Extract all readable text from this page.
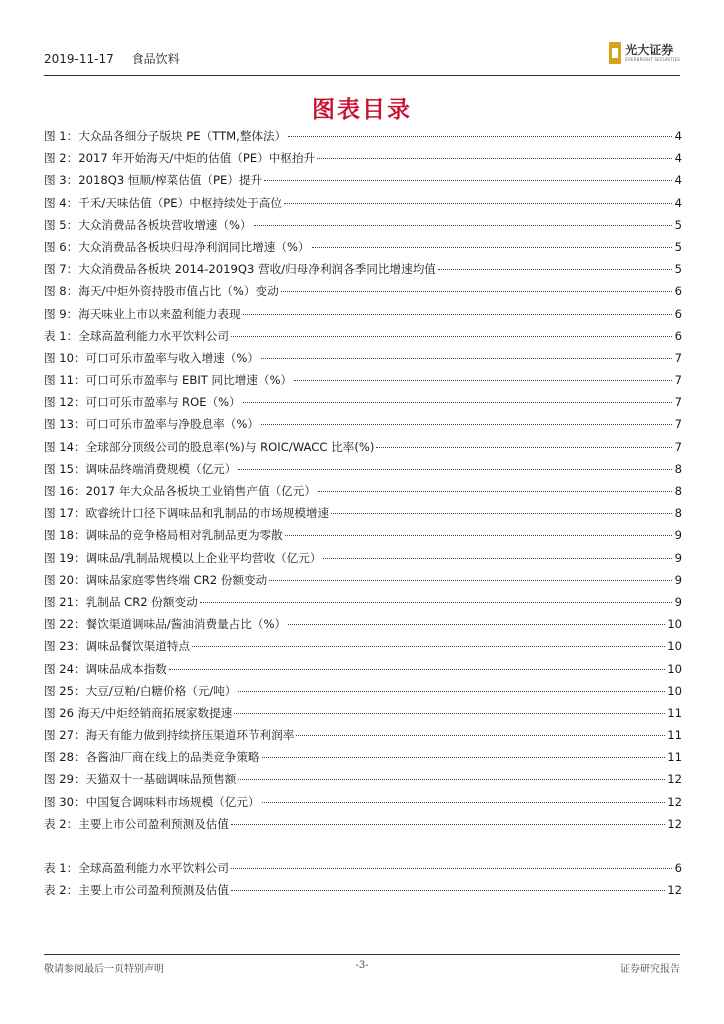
2019-11-17 食品饮料
光大证券
EVERBRIGHT SECURITIES
图表目录
图 1：大众品各细分子版块 PE（TTM,整体法）	4
图 2：2017 年开始海天/中炬的估值（PE）中枢抬升	4
图 3：2018Q3 恒顺/榨菜估值（PE）提升	4
图 4：千禾/天味估值（PE）中枢持续处于高位	4
图 5：大众消费品各板块营收增速（%）	5
图 6：大众消费品各板块归母净利润同比增速（%）	5
图 7：大众消费品各板块 2014-2019Q3 营收/归母净利润各季同比增速均值	5
图 8：海天/中炬外资持股市值占比（%）变动	6
图 9：海天味业上市以来盈利能力表现	6
表 1：全球高盈利能力水平饮料公司	6
图 10：可口可乐市盈率与收入增速（%）	7
图 11：可口可乐市盈率与 EBIT 同比增速（%）	7
图 12：可口可乐市盈率与 ROE（%）	7
图 13：可口可乐市盈率与净股息率（%）	7
图 14：全球部分顶级公司的股息率(%)与 ROIC/WACC 比率(%)	7
图 15：调味品终端消费规模（亿元）	8
图 16：2017 年大众品各板块工业销售产值（亿元）	8
图 17：欧睿统计口径下调味品和乳制品的市场规模增速	8
图 18：调味品的竞争格局相对乳制品更为零散	9
图 19：调味品/乳制品规模以上企业平均营收（亿元）	9
图 20：调味品家庭零售终端 CR2 份额变动	9
图 21：乳制品 CR2 份额变动	9
图 22：餐饮渠道调味品/酱油消费量占比（%）	10
图 23：调味品餐饮渠道特点	10
图 24：调味品成本指数	10
图 25：大豆/豆粕/白糖价格（元/吨）	10
图 26 海天/中炬经销商拓展家数提速	11
图 27：海天有能力做到持续挤压渠道环节利润率	11
图 28：各酱油厂商在线上的品类竞争策略	11
图 29：天猫双十一基础调味品预售额	12
图 30：中国复合调味料市场规模（亿元）	12
表 2：主要上市公司盈利预测及估值	12
表 1：全球高盈利能力水平饮料公司	6
表 2：主要上市公司盈利预测及估值	12
敬请参阅最后一页特别声明	-3-	证券研究报告
